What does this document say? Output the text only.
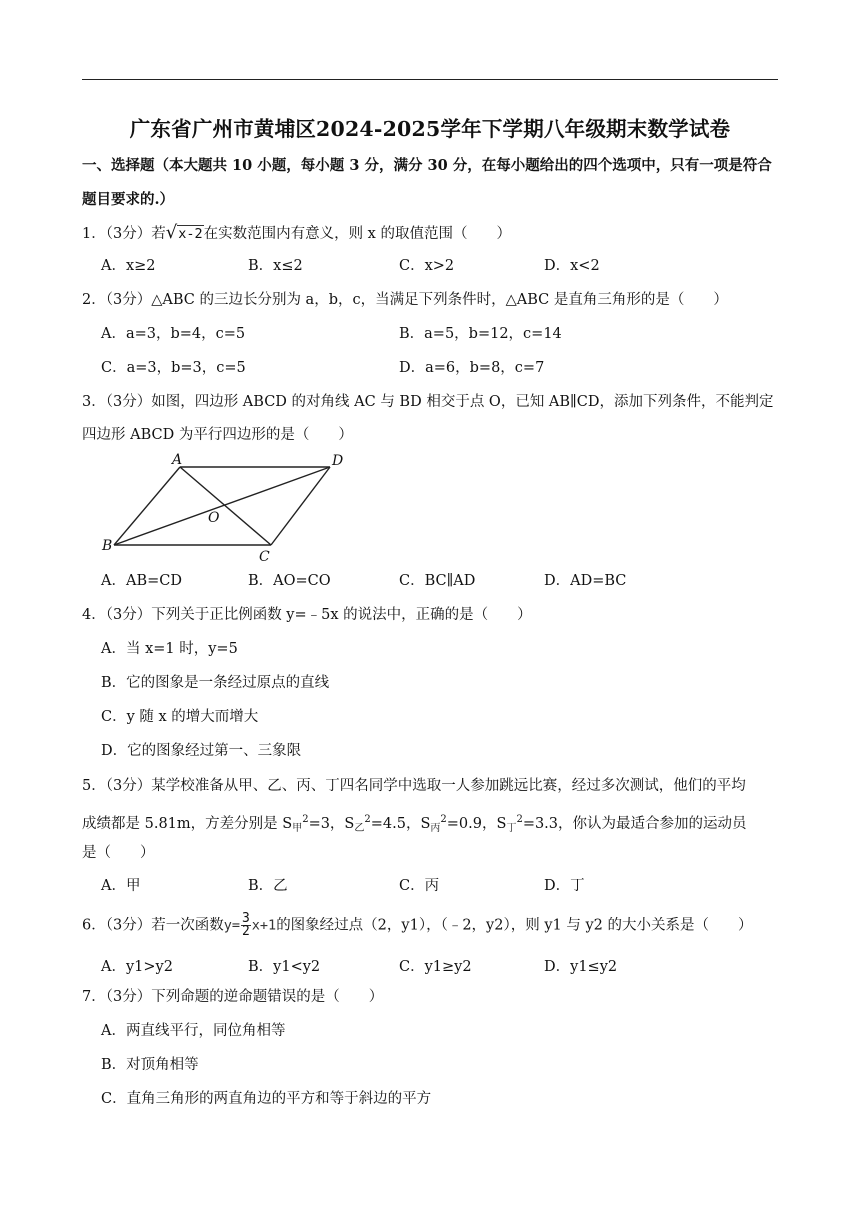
广东省广州市黄埔区2024-2025学年下学期八年级期末数学试卷
一、选择题（本大题共 10 小题，每小题 3 分，满分 30 分，在每小题给出的四个选项中，只有一项是符合
题目要求的.）
1．（3分）若√x-2在实数范围内有意义，则 x 的取值范围（　　）
A．x≥2	B．x≤2	C．x>2	D．x<2
2．（3分）△ABC 的三边长分别为 a，b，c，当满足下列条件时，△ABC 是直角三角形的是（　　）
A．a=3，b=4，c=5	B．a=5，b=12，c=14
C．a=3，b=3，c=5	D．a=6，b=8，c=7
3．（3分）如图，四边形 ABCD 的对角线 AC 与 BD 相交于点 O，已知 AB∥CD，添加下列条件，不能判定
四边形 ABCD 为平行四边形的是（　　）
A	D
B
C
O
A．AB=CD	B．AO=CO	C．BC∥AD	D．AD=BC
4．（3分）下列关于正比例函数 y=﹣5x 的说法中，正确的是（　　）
A．当 x=1 时，y=5
B．它的图象是一条经过原点的直线
C．y 随 x 的增大而增大
D．它的图象经过第一、三象限
5．（3分）某学校准备从甲、乙、丙、丁四名同学中选取一人参加跳远比赛，经过多次测试，他们的平均
成绩都是 5.81m，方差分别是 $S_甲^2=3$，$S_乙^2=4.5$，$S_丙^2=0.9$，$S_丁^2=3.3$，你认为最适合参加的运动员
是（　　）
A．甲	B．乙	C．丙	D．丁
6．（3分）若一次函数$y= \frac{3}{2} x+1$的图象经过点（2，y1），（﹣2，y2），则 y1 与 y2 的大小关系是（　　）
A．y1>y2	B．y1<y2	C．y1≥y2	D．y1≤y2
7．（3分）下列命题的逆命题错误的是（　　）
A．两直线平行，同位角相等
B．对顶角相等
C．直角三角形的两直角边的平方和等于斜边的平方
